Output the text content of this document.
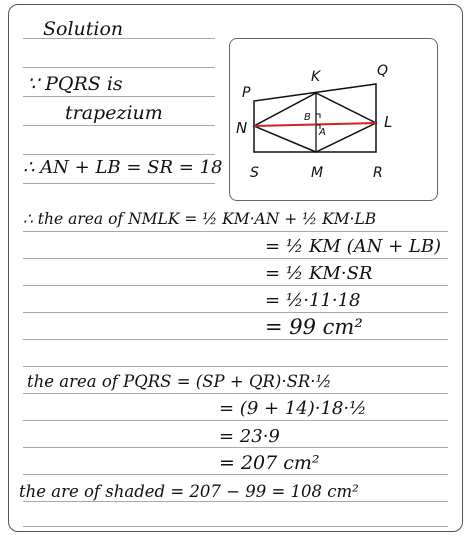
Solution
∵ PQRS is
trapezium
∴ AN + LB = SR = 18
∴ the area of NMLK = ½ KM·AN + ½ KM·LB
= ½ KM (AN + LB)
= ½ KM·SR
= ½·11·18
= 99 cm²
the area of PQRS = (SP + QR)·SR·½
= (9 + 14)·18·½
= 23·9
= 207 cm²
the are of shaded = 207 − 99 = 108 cm²
P
K	Q
N	L
S	M	R
B
A
